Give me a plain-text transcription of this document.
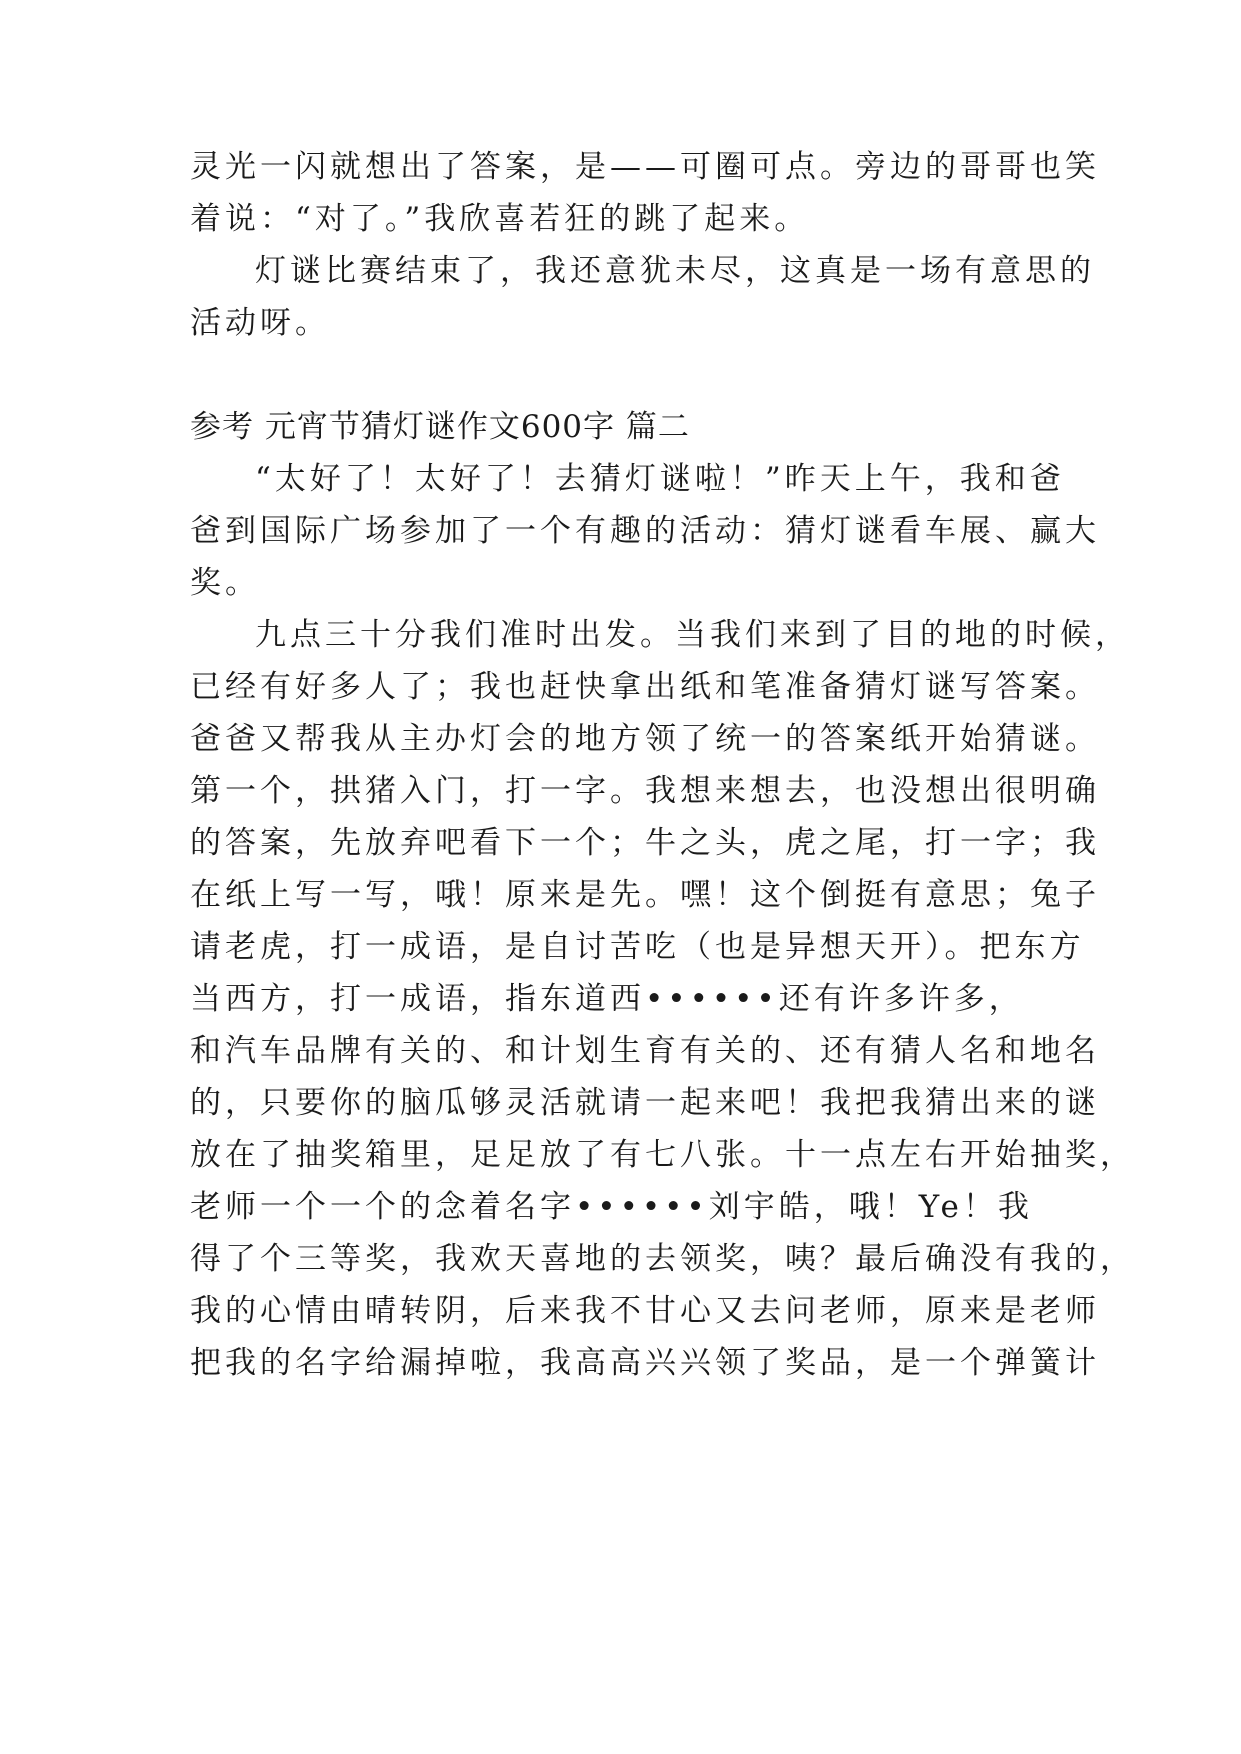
灵光一闪就想出了答案，是——可圈可点。旁边的哥哥也笑
着说：“对了。”我欣喜若狂的跳了起来。
灯谜比赛结束了，我还意犹未尽，这真是一场有意思的
活动呀。
参考 元宵节猜灯谜作文600字 篇二
“太好了！太好了！去猜灯谜啦！”昨天上午，我和爸
爸到国际广场参加了一个有趣的活动：猜灯谜看车展、赢大
奖。
九点三十分我们准时出发。当我们来到了目的地的时候，
已经有好多人了；我也赶快拿出纸和笔准备猜灯谜写答案。
爸爸又帮我从主办灯会的地方领了统一的答案纸开始猜谜。
第一个，拱猪入门，打一字。我想来想去，也没想出很明确
的答案，先放弃吧看下一个；牛之头，虎之尾，打一字；我
在纸上写一写，哦！原来是先。嘿！这个倒挺有意思；兔子
请老虎，打一成语，是自讨苦吃（也是异想天开）。把东方
当西方，打一成语，指东道西••••••还有许多许多，
和汽车品牌有关的、和计划生育有关的、还有猜人名和地名
的，只要你的脑瓜够灵活就请一起来吧！我把我猜出来的谜
放在了抽奖箱里，足足放了有七八张。十一点左右开始抽奖，
老师一个一个的念着名字••••••刘宇皓，哦！Ye！我
得了个三等奖，我欢天喜地的去领奖，咦？最后确没有我的，
我的心情由晴转阴，后来我不甘心又去问老师，原来是老师
把我的名字给漏掉啦，我高高兴兴领了奖品，是一个弹簧计
